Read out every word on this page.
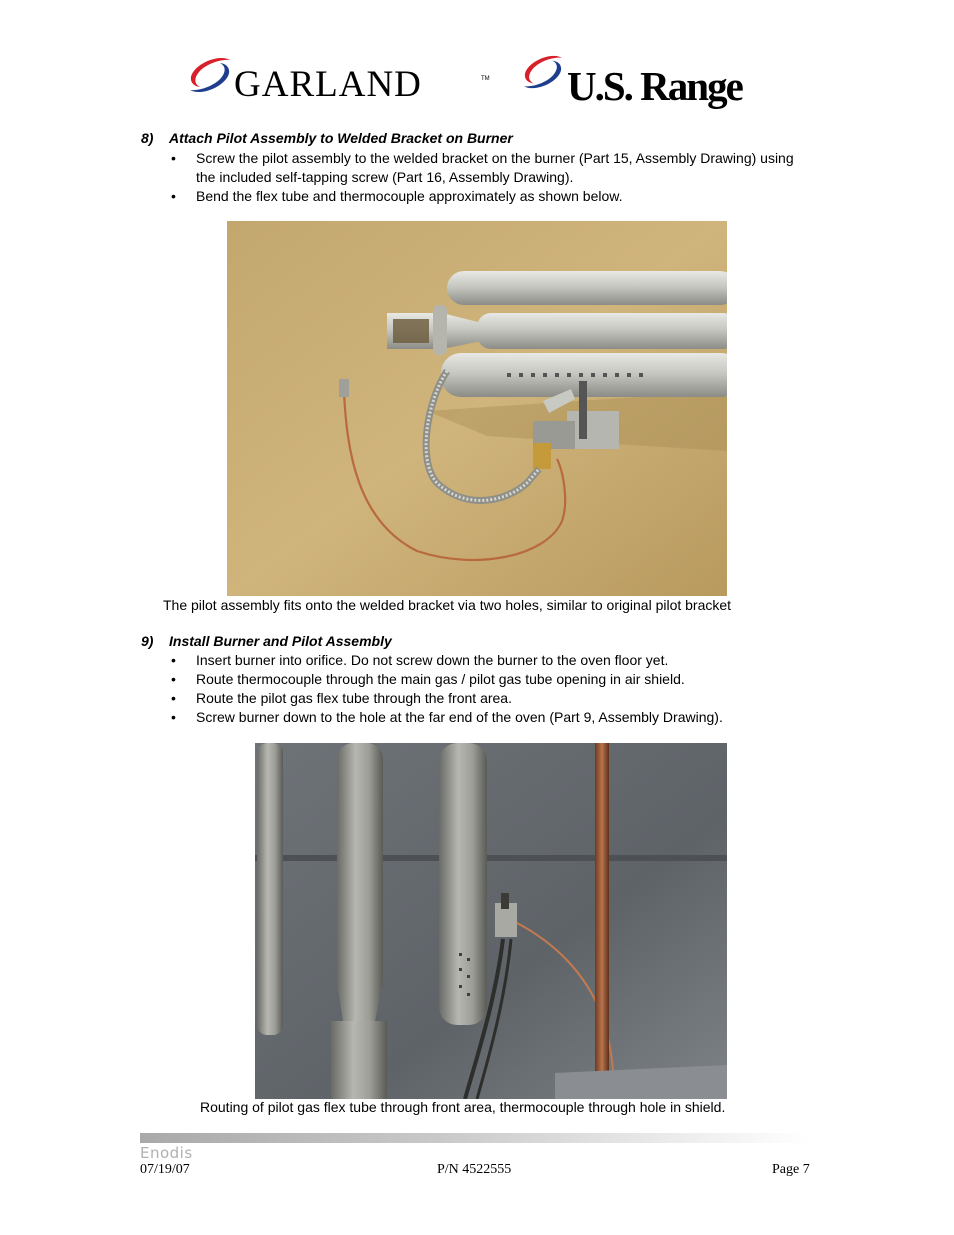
GARLAND	TM U.S. Range
8) Attach Pilot Assembly to Welded Bracket on Burner
• Screw the pilot assembly to the welded bracket on the burner (Part 15, Assembly Drawing) using the included self-tapping screw (Part 16, Assembly Drawing).
• Bend the flex tube and thermocouple approximately as shown below.
The pilot assembly fits onto the welded bracket via two holes, similar to original pilot bracket
9) Install Burner and Pilot Assembly
• Insert burner into orifice. Do not screw down the burner to the oven floor yet.
• Route thermocouple through the main gas / pilot gas tube opening in air shield.
• Route the pilot gas flex tube through the front area.
• Screw burner down to the hole at the far end of the oven (Part 9, Assembly Drawing).
Routing of pilot gas flex tube through front area, thermocouple through hole in shield.
Enodis
07/19/07	P/N 4522555	Page 7
